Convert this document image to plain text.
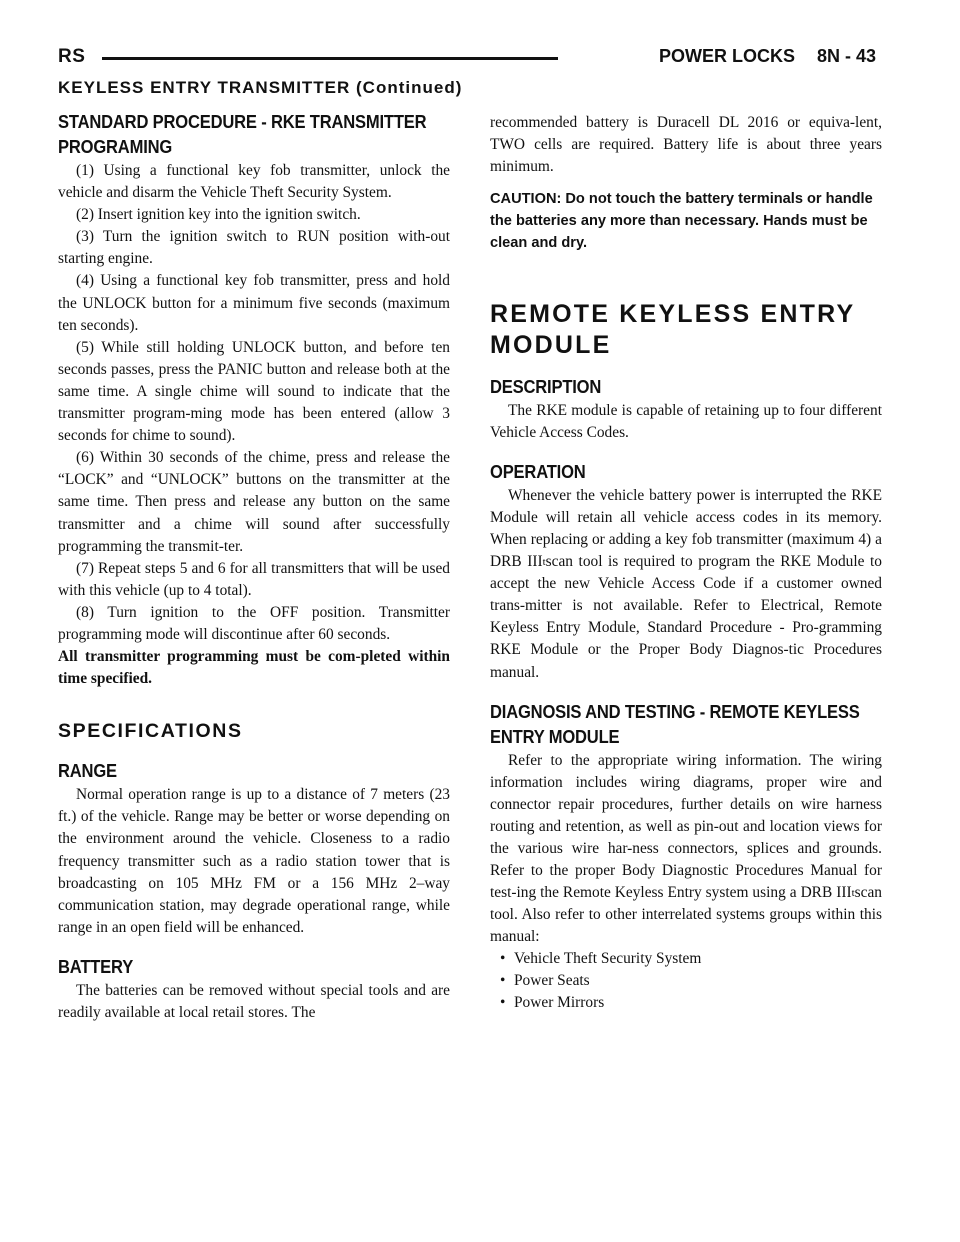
RS	POWER LOCKS 8N - 43
KEYLESS ENTRY TRANSMITTER (Continued)
STANDARD PROCEDURE - RKE TRANSMITTER PROGRAMING

(1) Using a functional key fob transmitter, unlock the vehicle and disarm the Vehicle Theft Security System.

(2) Insert ignition key into the ignition switch.

(3) Turn the ignition switch to RUN position with-out starting engine.

(4) Using a functional key fob transmitter, press and hold the UNLOCK button for a minimum five seconds (maximum ten seconds).

(5) While still holding UNLOCK button, and before ten seconds passes, press the PANIC button and release both at the same time. A single chime will sound to indicate that the transmitter program-ming mode has been entered (allow 3 seconds for chime to sound).

(6) Within 30 seconds of the chime, press and release the “LOCK” and “UNLOCK” buttons on the transmitter at the same time. Then press and release any button on the same transmitter and a chime will sound after successfully programming the transmit-ter.

(7) Repeat steps 5 and 6 for all transmitters that will be used with this vehicle (up to 4 total).

(8) Turn ignition to the OFF position. Transmitter programming mode will discontinue after 60 seconds.

All transmitter programming must be com-pleted within time specified.

SPECIFICATIONS
RANGE

Normal operation range is up to a distance of 7 meters (23 ft.) of the vehicle. Range may be better or worse depending on the environment around the vehicle. Closeness to a radio frequency transmitter such as a radio station tower that is broadcasting on 105 MHz FM or a 156 MHz 2–way communication station, may degrade operational range, while range in an open field will be enhanced.

BATTERY

The batteries can be removed without special tools and are readily available at local retail stores. The

recommended battery is Duracell DL 2016 or equiva-lent, TWO cells are required. Battery life is about three years minimum.

CAUTION: Do not touch the battery terminals or handle the batteries any more than necessary. Hands must be clean and dry.
REMOTE KEYLESS ENTRY MODULE
DESCRIPTION

The RKE module is capable of retaining up to four different Vehicle Access Codes.

OPERATION

Whenever the vehicle battery power is interrupted the RKE Module will retain all vehicle access codes in its memory. When replacing or adding a key fob transmitter (maximum 4) a DRB III$^t$scan tool is required to program the RKE Module to accept the new Vehicle Access Code if a customer owned trans-mitter is not available. Refer to Electrical, Remote Keyless Entry Module, Standard Procedure - Pro-gramming RKE Module or the Proper Body Diagnos-tic Procedures manual.

DIAGNOSIS AND TESTING - REMOTE KEYLESS ENTRY MODULE

Refer to the appropriate wiring information. The wiring information includes wiring diagrams, proper wire and connector repair procedures, further details on wire harness routing and retention, as well as pin-out and location views for the various wire har-ness connectors, splices and grounds. Refer to the proper Body Diagnostic Procedures Manual for test-ing the Remote Keyless Entry system using a DRB III$^t$scan tool. Also refer to other interrelated systems groups within this manual:

• Vehicle Theft Security System
• Power Seats
• Power Mirrors
